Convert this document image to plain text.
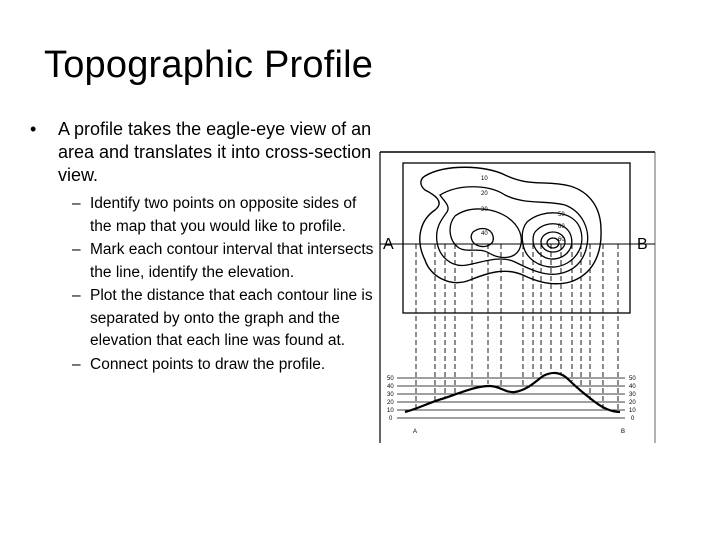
Topographic Profile
• A profile takes the eagle-eye view of an area and translates it into cross-section view.
– Identify two points on opposite sides of the map that you would like to profile.
– Mark each contour interval that intersects the line, identify the elevation.
– Plot the distance that each contour line is separated by onto the graph and the elevation that each line was found at.
– Connect points to draw the profile.
10
20
30
40
50
60
60
A	B
50
40
30
20
10
0
50
40
30
20
10
0
A	B
